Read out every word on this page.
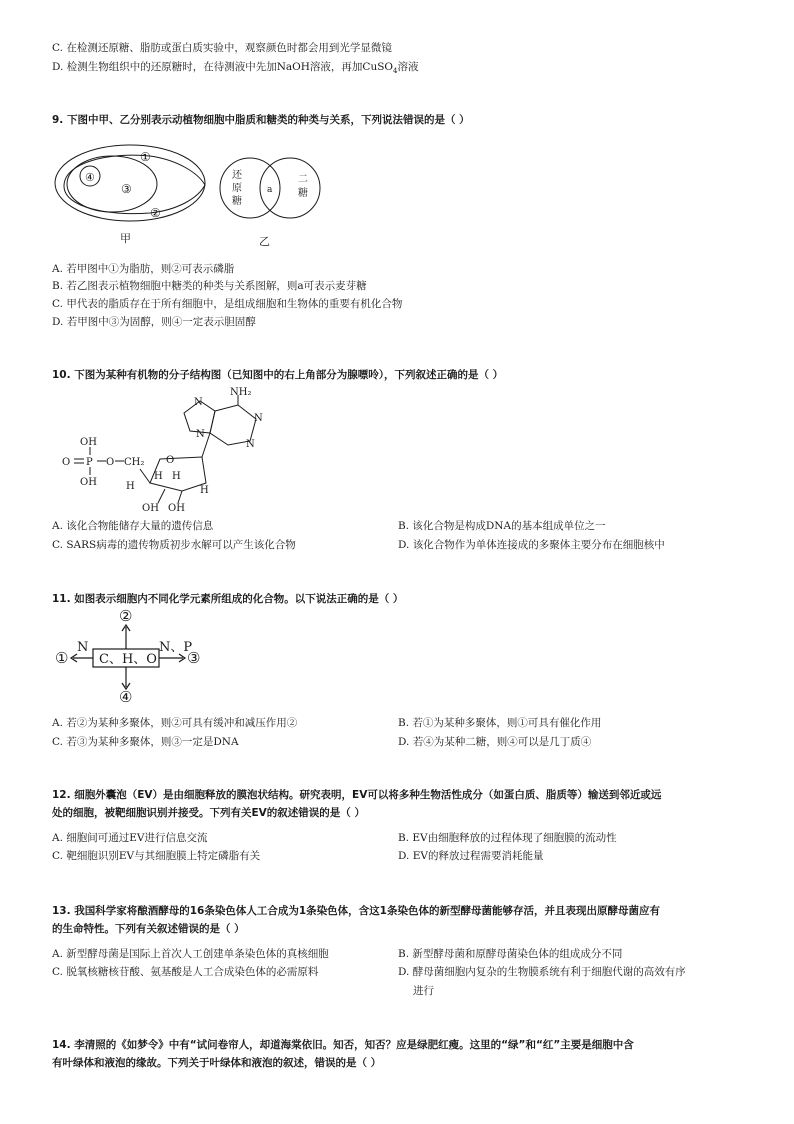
C. 在检测还原糖、脂肪或蛋白质实验中，观察颜色时都会用到光学显微镜
D. 检测生物组织中的还原糖时，在待测液中先加NaOH溶液，再加CuSO$_4$溶液
9. 下图中甲、乙分别表示动植物细胞中脂质和糖类的种类与关系，下列说法错误的是（ ）
①
②
③
④
甲
还
原
糖
a
二
糖
乙
A. 若甲图中①为脂肪，则②可表示磷脂
B. 若乙图表示植物细胞中糖类的种类与关系图解，则a可表示麦芽糖
C. 甲代表的脂质存在于所有细胞中，是组成细胞和生物体的重要有机化合物
D. 若甲图中③为固醇，则④一定表示胆固醇
10. 下图为某种有机物的分子结构图（已知图中的右上角部分为腺嘌呤），下列叙述正确的是（ ）
NH₂
N
N
N
N
OH
O P O CH₂
OH
O
H
H H
H
OH OH
A. 该化合物能储存大量的遗传信息	B. 该化合物是构成DNA的基本组成单位之一
C. SARS病毒的遗传物质初步水解可以产生该化合物	D. 该化合物作为单体连接成的多聚体主要分布在细胞核中
11. 如图表示细胞内不同化学元素所组成的化合物。以下说法正确的是（ ）
C、H、O
②
④
①	③
N	N、P
A. 若②为某种多聚体，则②可具有缓冲和减压作用②	B. 若①为某种多聚体，则①可具有催化作用
C. 若③为某种多聚体，则③一定是DNA	D. 若④为某种二糖，则④可以是几丁质④
12. 细胞外囊泡（EV）是由细胞释放的膜泡状结构。研究表明，EV可以将多种生物活性成分（如蛋白质、脂质等）输送到邻近或远
处的细胞，被靶细胞识别并接受。下列有关EV的叙述错误的是（ ）
A. 细胞间可通过EV进行信息交流	B. EV由细胞释放的过程体现了细胞膜的流动性
C. 靶细胞识别EV与其细胞膜上特定磷脂有关	D. EV的释放过程需要消耗能量
13. 我国科学家将酿酒酵母的16条染色体人工合成为1条染色体，含这1条染色体的新型酵母菌能够存活，并且表现出原酵母菌应有
的生命特性。下列有关叙述错误的是（ ）
A. 新型酵母菌是国际上首次人工创建单条染色体的真核细胞	B. 新型酵母菌和原酵母菌染色体的组成成分不同
C. 脱氧核糖核苷酸、氨基酸是人工合成染色体的必需原料	D. 酵母菌细胞内复杂的生物膜系统有利于细胞代谢的高效有序
进行
14. 李清照的《如梦令》中有“试问卷帘人，却道海棠依旧。知否，知否？应是绿肥红瘦。这里的“绿”和“红”主要是细胞中含
有叶绿体和液泡的缘故。下列关于叶绿体和液泡的叙述，错误的是（ ）
